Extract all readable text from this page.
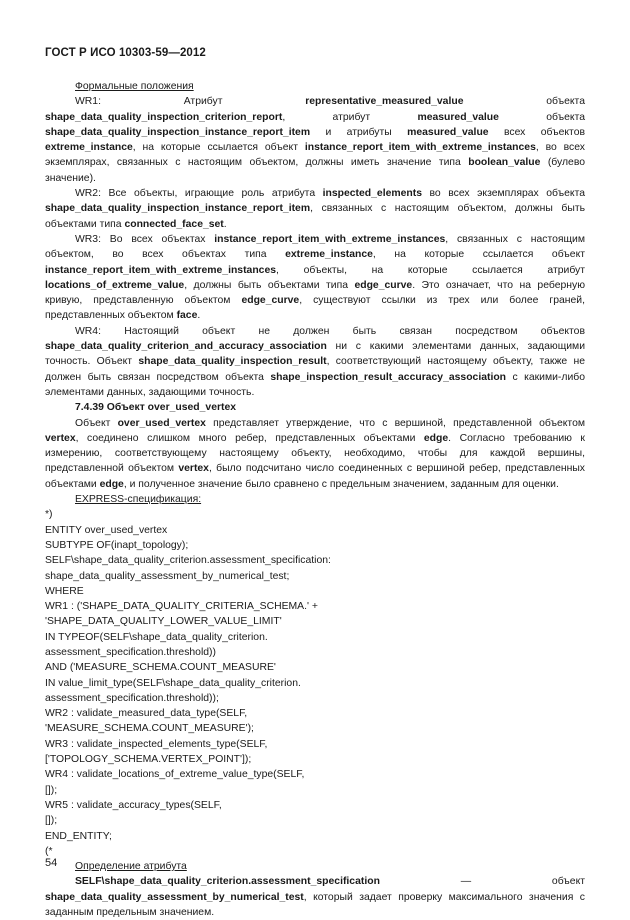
ГОСТ Р ИСО 10303-59—2012
Формальные положения

WR1: Атрибут representative_measured_value объекта shape_data_quality_inspection_criterion_report, атрибут measured_value объекта shape_data_quality_inspection_instance_report_item и атрибуты measured_value всех объектов extreme_instance, на которые ссылается объект instance_report_item_with_extreme_instances, во всех экземплярах, связанных с настоящим объектом, должны иметь значение типа boolean_value (булево значение).

WR2: Все объекты, играющие роль атрибута inspected_elements во всех экземплярах объекта shape_data_quality_inspection_instance_report_item, связанных с настоящим объектом, должны быть объектами типа connected_face_set.

WR3: Во всех объектах instance_report_item_with_extreme_instances, связанных с настоящим объектом, во всех объектах типа extreme_instance, на которые ссылается объект instance_report_item_with_extreme_instances, объекты, на которые ссылается атрибут locations_of_extreme_value, должны быть объектами типа edge_curve. Это означает, что на реберную кривую, представленную объектом edge_curve, существуют ссылки из трех или более граней, представленных объектом face.

WR4: Настоящий объект не должен быть связан посредством объектов shape_data_quality_criterion_and_accuracy_association ни с какими элементами данных, задающими точность. Объект shape_data_quality_inspection_result, соответствующий настоящему объекту, также не должен быть связан посредством объекта shape_inspection_result_accuracy_association с какими-либо элементами данных, задающими точность.

7.4.39 Объект over_used_vertex

Объект over_used_vertex представляет утверждение, что с вершиной, представленной объектом vertex, соединено слишком много ребер, представленных объектами edge. Согласно требованию к измерению, соответствующему настоящему объекту, необходимо, чтобы для каждой вершины, представленной объектом vertex, было подсчитано число соединенных с вершиной ребер, представленных объектами edge, и полученное значение было сравнено с предельным значением, заданным для оценки.

EXPRESS-спецификация:
*)
ENTITY over_used_vertex
SUBTYPE OF(inapt_topology);
SELF\shape_data_quality_criterion.assessment_specification:
shape_data_quality_assessment_by_numerical_test;
WHERE
WR1 : ('SHAPE_DATA_QUALITY_CRITERIA_SCHEMA.' +
'SHAPE_DATA_QUALITY_LOWER_VALUE_LIMIT'
IN TYPEOF(SELF\shape_data_quality_criterion.
assessment_specification.threshold))
AND ('MEASURE_SCHEMA.COUNT_MEASURE'
IN value_limit_type(SELF\shape_data_quality_criterion.
assessment_specification.threshold));
WR2 : validate_measured_data_type(SELF,
'MEASURE_SCHEMA.COUNT_MEASURE');
WR3 : validate_inspected_elements_type(SELF,
['TOPOLOGY_SCHEMA.VERTEX_POINT']);
WR4 : validate_locations_of_extreme_value_type(SELF,
[]);
WR5 : validate_accuracy_types(SELF,
[]);
END_ENTITY;
(*
Определение атрибута

SELF\shape_data_quality_criterion.assessment_specification — объект shape_data_quality_assessment_by_numerical_test, который задает проверку максимального значения с заданным предельным значением.

54
